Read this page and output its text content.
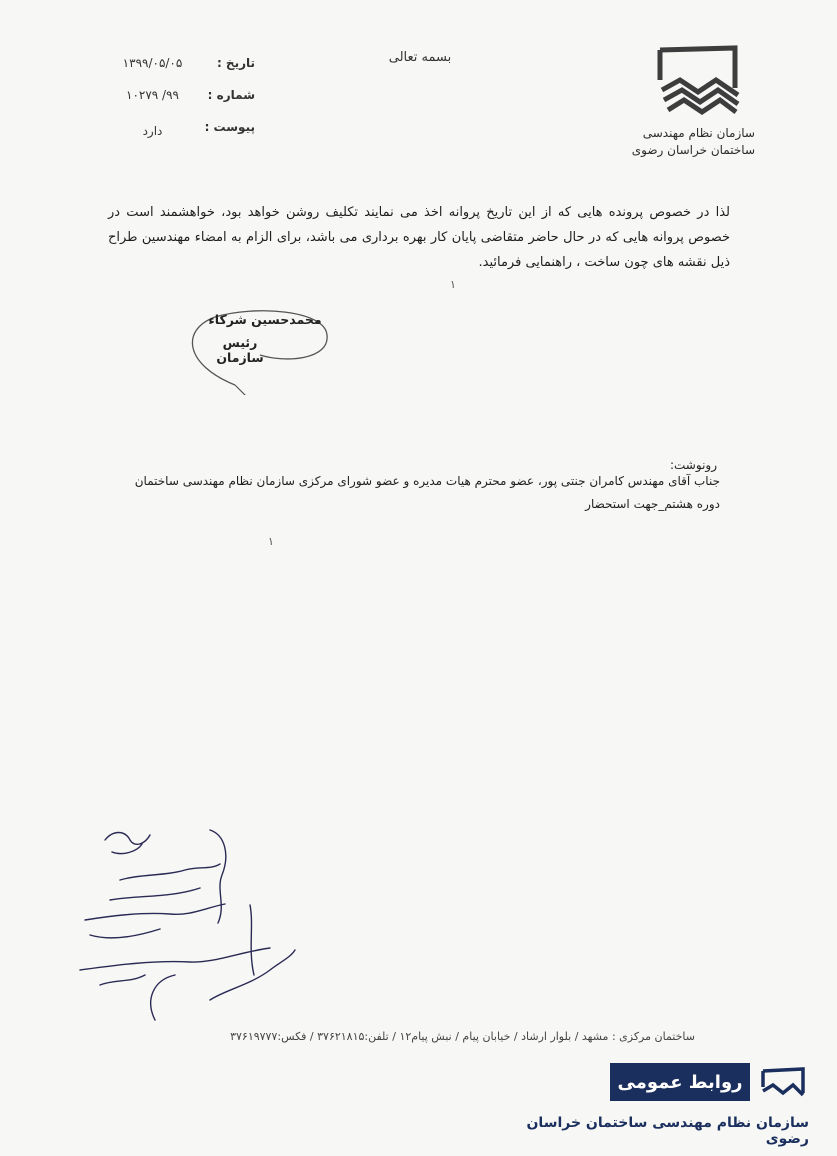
سازمان نظام مهندسی
ساختمان خراسان رضوی
بسمه تعالی
تاریخ :
۱۳۹۹/۰۵/۰۵
شماره :
۹۹/ ۱۰۲۷۹
پیوست :
دارد
لذا در خصوص پرونده هایی که از این تاریخ پروانه اخذ می نمایند تکلیف روشن خواهد بود، خواهشمند است در خصوص پروانه هایی که در حال حاضر متقاضی پایان کار بهره برداری می باشد، برای الزام به امضاء مهندسین طراح ذیل نقشه های چون ساخت ، راهنمایی فرمائید.
١
محمدحسین شرکاء
رئیس سازمان
رونوشت:
جناب آقای مهندس کامران جنتی پور، عضو محترم هیات مدیره و عضو شورای مرکزی سازمان نظام مهندسی ساختمان دوره هشتم_جهت استحضار
١
ساختمان مرکزی : مشهد / بلوار ارشاد / خیابان پیام / نبش پیام۱۲ / تلفن:۳۷۶۲۱۸۱۵ / فکس:۳۷۶۱۹۷۷۷
روابط عمومی
سازمان نظام مهندسی ساختمان خراسان رضوی
